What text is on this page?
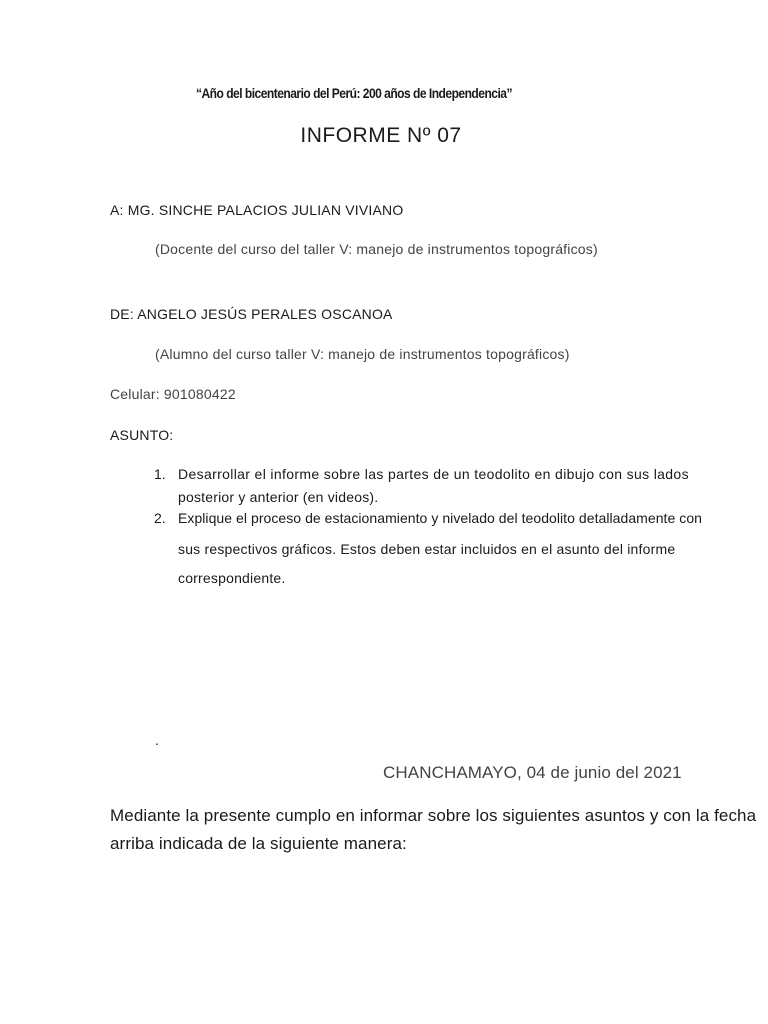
“Año del bicentenario del Perú: 200 años de Independencia”
INFORME Nº 07
A: MG. SINCHE PALACIOS JULIAN VIVIANO
(Docente del curso del taller V: manejo de instrumentos topográficos)
DE: ANGELO JESÚS PERALES OSCANOA
(Alumno del curso taller V: manejo de instrumentos topográficos)
Celular: 901080422
ASUNTO:
1. Desarrollar el informe sobre las partes de un teodolito en dibujo con sus lados
posterior y anterior (en videos).
2. Explique el proceso de estacionamiento y nivelado del teodolito detalladamente con
sus respectivos gráficos. Estos deben estar incluidos en el asunto del informe
correspondiente.
.
CHANCHAMAYO, 04 de junio del 2021
Mediante la presente cumplo en informar sobre los siguientes asuntos y con la fecha
arriba indicada de la siguiente manera:
